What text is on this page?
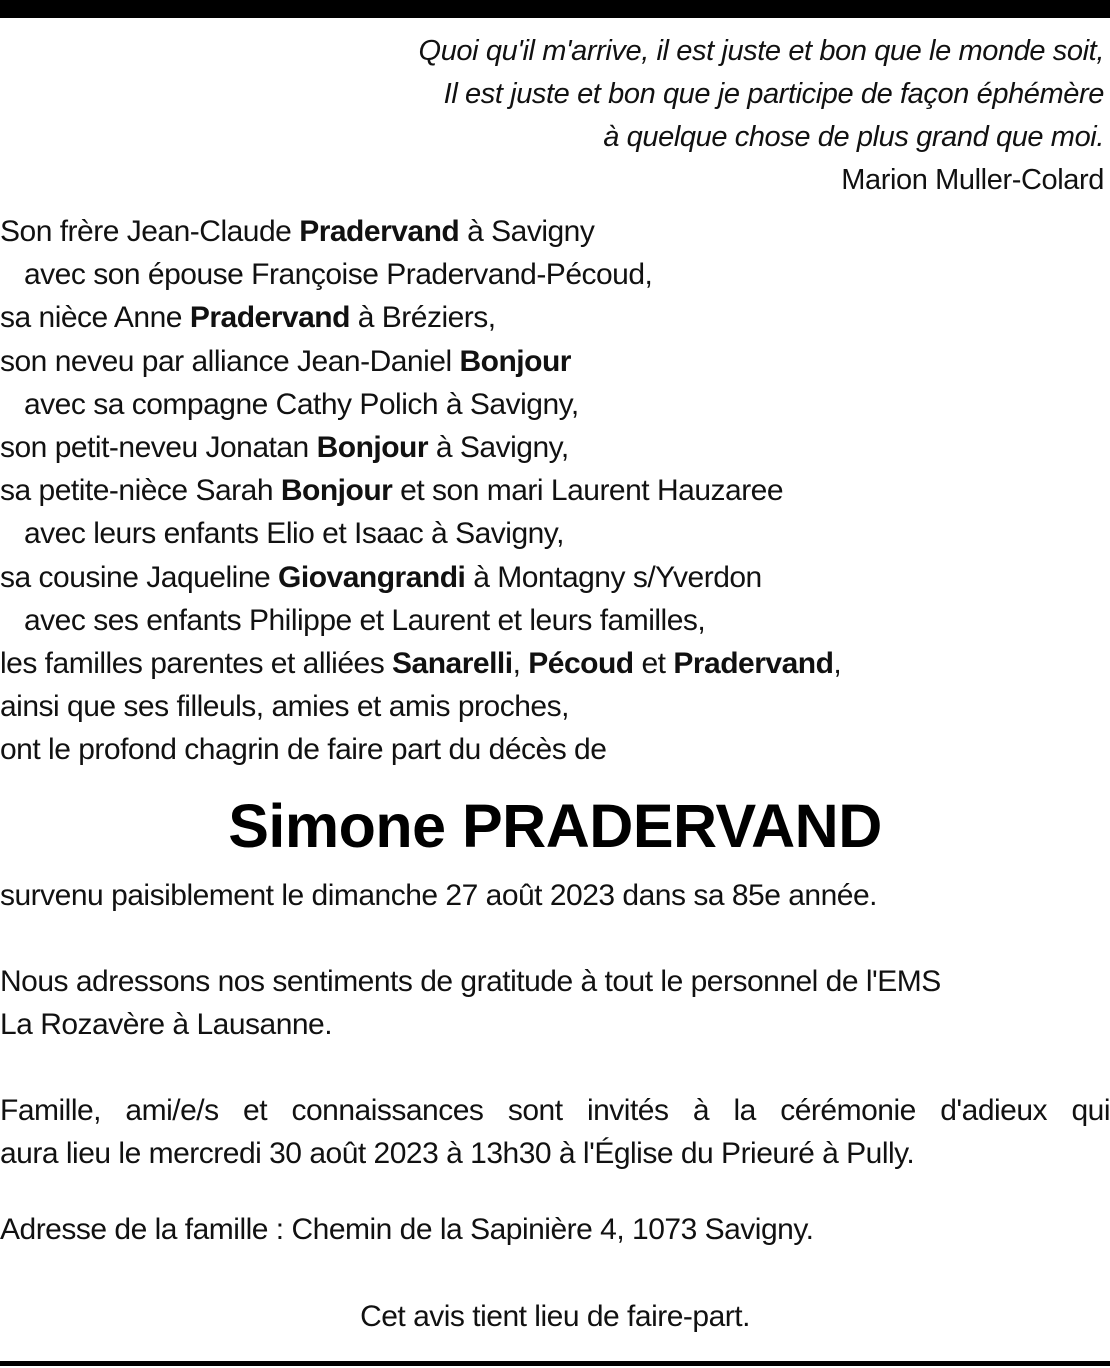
Quoi qu'il m'arrive, il est juste et bon que le monde soit,
Il est juste et bon que je participe de façon éphémère
à quelque chose de plus grand que moi.
Marion Muller-Colard
Son frère Jean-Claude Pradervand à Savigny
avec son épouse Françoise Pradervand-Pécoud,
sa nièce Anne Pradervand à Bréziers,
son neveu par alliance Jean-Daniel Bonjour
avec sa compagne Cathy Polich à Savigny,
son petit-neveu Jonatan Bonjour à Savigny,
sa petite-nièce Sarah Bonjour et son mari Laurent Hauzaree
avec leurs enfants Elio et Isaac à Savigny,
sa cousine Jaqueline Giovangrandi à Montagny s/Yverdon
avec ses enfants Philippe et Laurent et leurs familles,
les familles parentes et alliées Sanarelli, Pécoud et Pradervand,
ainsi que ses filleuls, amies et amis proches,
ont le profond chagrin de faire part du décès de
Simone PRADERVAND
survenu paisiblement le dimanche 27 août 2023 dans sa 85e année.
Nous adressons nos sentiments de gratitude à tout le personnel de l'EMS
La Rozavère à Lausanne.
Famille, ami/e/s et connaissances sont invités à la cérémonie d'adieux qui
aura lieu le mercredi 30 août 2023 à 13h30 à l'Église du Prieuré à Pully.
Adresse de la famille : Chemin de la Sapinière 4, 1073 Savigny.
Cet avis tient lieu de faire-part.
